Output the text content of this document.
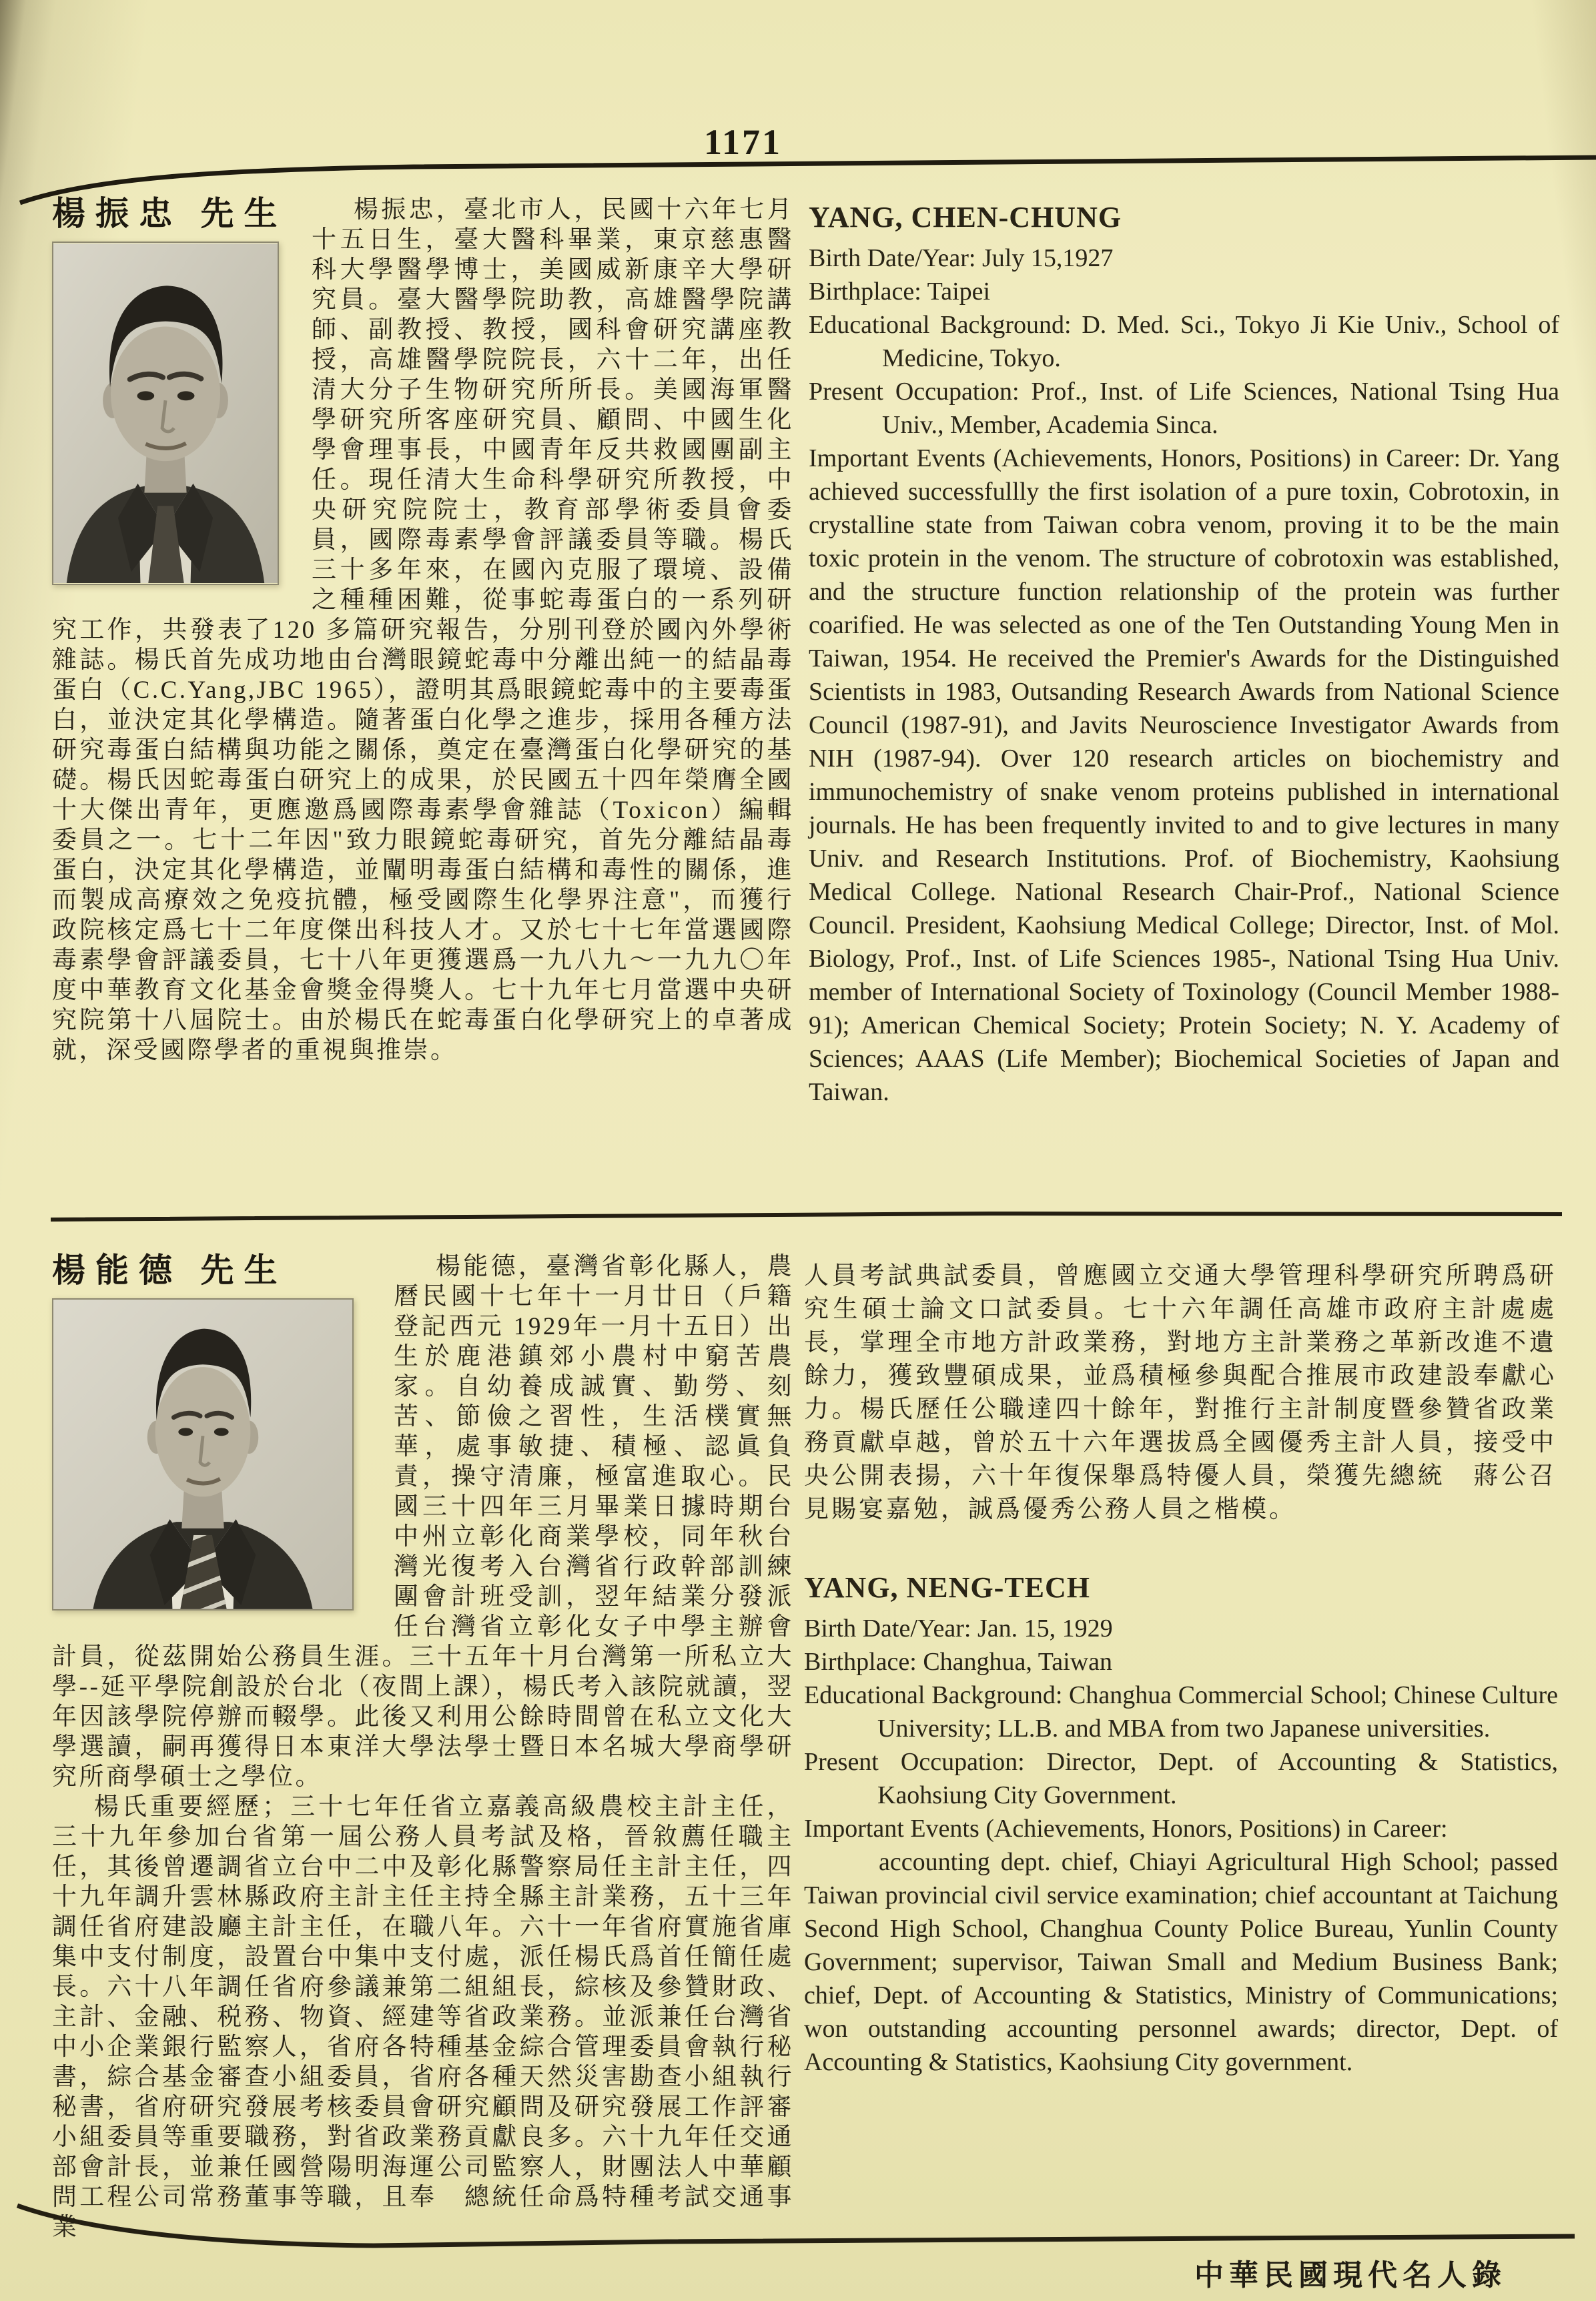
1171
楊振忠 先生	楊振忠，臺北市人，民國十六年七月十五日生，臺大醫科畢業，東京慈惠醫科大學醫學博士，美國威新康辛大學研究員。臺大醫學院助教，高雄醫學院講師、副教授、教授，國科會研究講座教授，高雄醫學院院長，六十二年，出任清大分子生物研究所所長。美國海軍醫學研究所客座研究員、顧問、中國生化學會理事長，中國青年反共救國團副主任。現任清大生命科學研究所教授，中央研究院院士，教育部學術委員會委員，國際毒素學會評議委員等職。楊氏三十多年來，在國內克服了環境、設備之種種困難，從事蛇毒蛋白的一系列研究工作，共發表了120 多篇研究報告，分別刊登於國內外學術雜誌。楊氏首先成功地由台灣眼鏡蛇毒中分離出純一的結晶毒蛋白（C.C.Yang,JBC 1965），證明其爲眼鏡蛇毒中的主要毒蛋白，並決定其化學構造。隨著蛋白化學之進步，採用各種方法研究毒蛋白結構與功能之關係，奠定在臺灣蛋白化學研究的基礎。楊氏因蛇毒蛋白研究上的成果，於民國五十四年榮膺全國十大傑出青年，更應邀爲國際毒素學會雜誌（Toxicon）編輯委員之一。七十二年因"致力眼鏡蛇毒研究，首先分離結晶毒蛋白，決定其化學構造，並闡明毒蛋白結構和毒性的關係，進而製成高療效之免疫抗體，極受國際生化學界注意"，而獲行政院核定爲七十二年度傑出科技人才。又於七十七年當選國際毒素學會評議委員，七十八年更獲選爲一九八九～一九九〇年度中華教育文化基金會獎金得獎人。七十九年七月當選中央研究院第十八屆院士。由於楊氏在蛇毒蛋白化學研究上的卓著成就，深受國際學者的重視與推崇。

YANG, CHEN-CHUNG

Birth Date/Year: July 15,1927

Birthplace: Taipei

Educational Background: D. Med. Sci., Tokyo Ji Kie Univ., School of Medicine, Tokyo.

Present Occupation: Prof., Inst. of Life Sciences, National Tsing Hua Univ., Member, Academia Sinca.

Important Events (Achievements, Honors, Positions) in Career: Dr. Yang achieved successfullly the first isolation of a pure toxin, Cobrotoxin, in crystalline state from Taiwan cobra venom, proving it to be the main toxic protein in the venom. The structure of cobrotoxin was established, and the structure function relationship of the protein was further coarified. He was selected as one of the Ten Outstanding Young Men in Taiwan, 1954. He received the Premier's Awards for the Distinguished Scientists in 1983, Outsanding Research Awards from National Science Council (1987-91), and Javits Neuroscience Investigator Awards from NIH (1987-94). Over 120 research articles on biochemistry and immunochemistry of snake venom proteins published in international journals. He has been frequently invited to and to give lectures in many Univ. and Research Institutions. Prof. of Biochemistry, Kaohsiung Medical College. National Research Chair-Prof., National Science Council. President, Kaohsiung Medical College; Director, Inst. of Mol. Biology, Prof., Inst. of Life Sciences 1985-, National Tsing Hua Univ. member of International Society of Toxinology (Council Member 1988-91); American Chemical Society; Protein Society; N. Y. Academy of Sciences; AAAS (Life Member); Biochemical Societies of Japan and Taiwan.

楊能德 先生	楊能德，臺灣省彰化縣人，農曆民國十七年十一月廿日（戶籍登記西元 1929年一月十五日）出生於鹿港鎮郊小農村中窮苦農家。自幼養成誠實、勤勞、刻苦、節儉之習性，生活樸實無華，處事敏捷、積極、認眞負責，操守清廉，極富進取心。民國三十四年三月畢業日據時期台中州立彰化商業學校，同年秋台灣光復考入台灣省行政幹部訓練團會計班受訓，翌年結業分發派任台灣省立彰化女子中學主辦會計員，從茲開始公務員生涯。三十五年十月台灣第一所私立大學--延平學院創設於台北（夜間上課），楊氏考入該院就讀，翌年因該學院停辦而輟學。此後又利用公餘時間曾在私立文化大學選讀，嗣再獲得日本東洋大學法學士暨日本名城大學商學研究所商學碩士之學位。

楊氏重要經歷；三十七年任省立嘉義高級農校主計主任，三十九年參加台省第一屆公務人員考試及格，晉敘薦任職主任，其後曾遷調省立台中二中及彰化縣警察局任主計主任，四十九年調升雲林縣政府主計主任主持全縣主計業務，五十三年調任省府建設廳主計主任，在職八年。六十一年省府實施省庫集中支付制度，設置台中集中支付處，派任楊氏爲首任簡任處長。六十八年調任省府參議兼第二組組長，綜核及參贊財政、主計、金融、税務、物資、經建等省政業務。並派兼任台灣省中小企業銀行監察人，省府各特種基金綜合管理委員會執行秘書，綜合基金審查小組委員，省府各種天然災害勘查小組執行秘書，省府研究發展考核委員會研究顧問及研究發展工作評審小組委員等重要職務，對省政業務貢獻良多。六十九年任交通部會計長，並兼任國營陽明海運公司監察人，財團法人中華顧問工程公司常務董事等職，且奉　總統任命爲特種考試交通事業

人員考試典試委員，曾應國立交通大學管理科學研究所聘爲研究生碩士論文口試委員。七十六年調任高雄市政府主計處處長，掌理全市地方計政業務，對地方主計業務之革新改進不遺餘力，獲致豐碩成果，並爲積極參與配合推展市政建設奉獻心力。楊氏歷任公職達四十餘年，對推行主計制度暨參贊省政業務貢獻卓越，曾於五十六年選拔爲全國優秀主計人員，接受中央公開表揚，六十年復保舉爲特優人員，榮獲先總統　蔣公召見賜宴嘉勉，誠爲優秀公務人員之楷模。

YANG, NENG-TECH

Birth Date/Year: Jan. 15, 1929

Birthplace: Changhua, Taiwan

Educational Background: Changhua Commercial School; Chinese Culture University; LL.B. and MBA from two Japanese universities.

Present Occupation: Director, Dept. of Accounting & Statistics, Kaohsiung City Government.

Important Events (Achievements, Honors, Positions) in Career:

accounting dept. chief, Chiayi Agricultural High School; passed Taiwan provincial civil service examination; chief accountant at Taichung Second High School, Changhua County Police Bureau, Yunlin County Government; supervisor, Taiwan Small and Medium Business Bank; chief, Dept. of Accounting & Statistics, Ministry of Communications; won outstanding accounting personnel awards; director, Dept. of Accounting & Statistics, Kaohsiung City government.

中華民國現代名人錄
